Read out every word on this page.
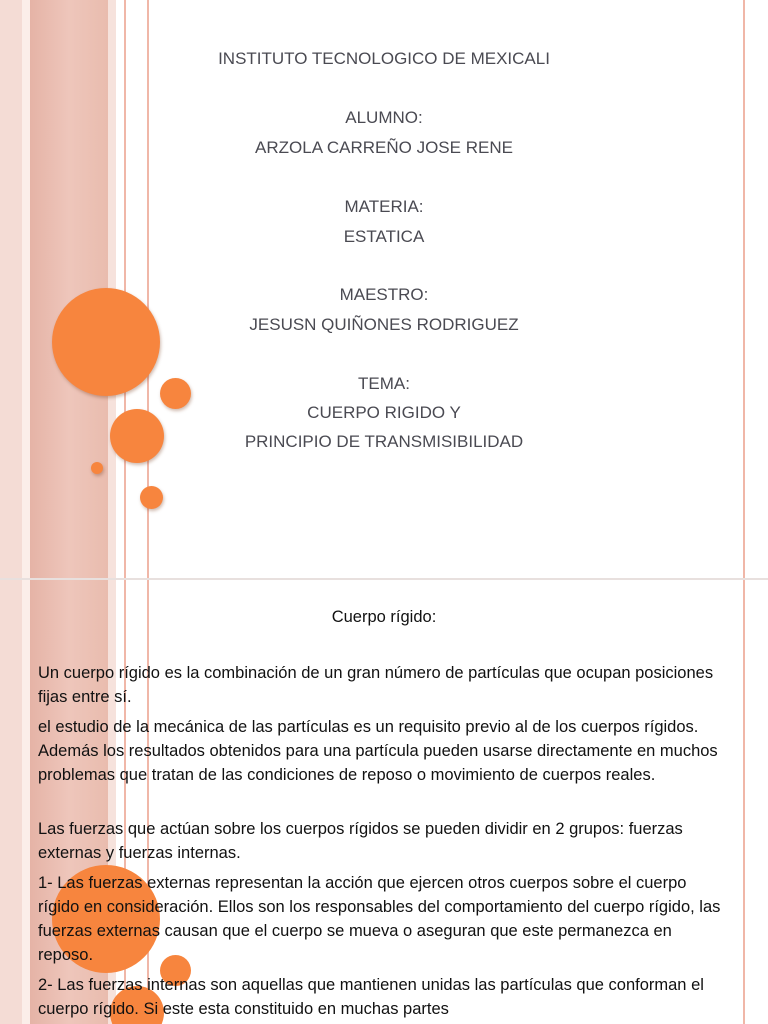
INSTITUTO TECNOLOGICO DE MEXICALI
ALUMNO:
ARZOLA CARREÑO JOSE RENE
MATERIA:
ESTATICA
MAESTRO:
JESUSN QUIÑONES RODRIGUEZ
TEMA:
CUERPO RIGIDO Y
PRINCIPIO DE TRANSMISIBILIDAD
Cuerpo rígido:

Un cuerpo rígido es la combinación de un gran número de partículas que ocupan posiciones fijas entre sí.

el estudio de la mecánica de las partículas es un requisito previo al de los cuerpos rígidos. Además los resultados obtenidos para una partícula pueden usarse directamente en muchos problemas que tratan de las condiciones de reposo o movimiento de cuerpos reales.

Las fuerzas que actúan sobre los cuerpos rígidos se pueden dividir en 2 grupos: fuerzas externas y fuerzas internas.

1- Las fuerzas externas representan la acción que ejercen otros cuerpos sobre el cuerpo rígido en consideración. Ellos son los responsables del comportamiento del cuerpo rígido, las fuerzas externas causan que el cuerpo se mueva o aseguran que este permanezca en reposo.

2- Las fuerzas internas son aquellas que mantienen unidas las partículas que conforman el cuerpo rígido. Si este esta constituido en muchas partes
